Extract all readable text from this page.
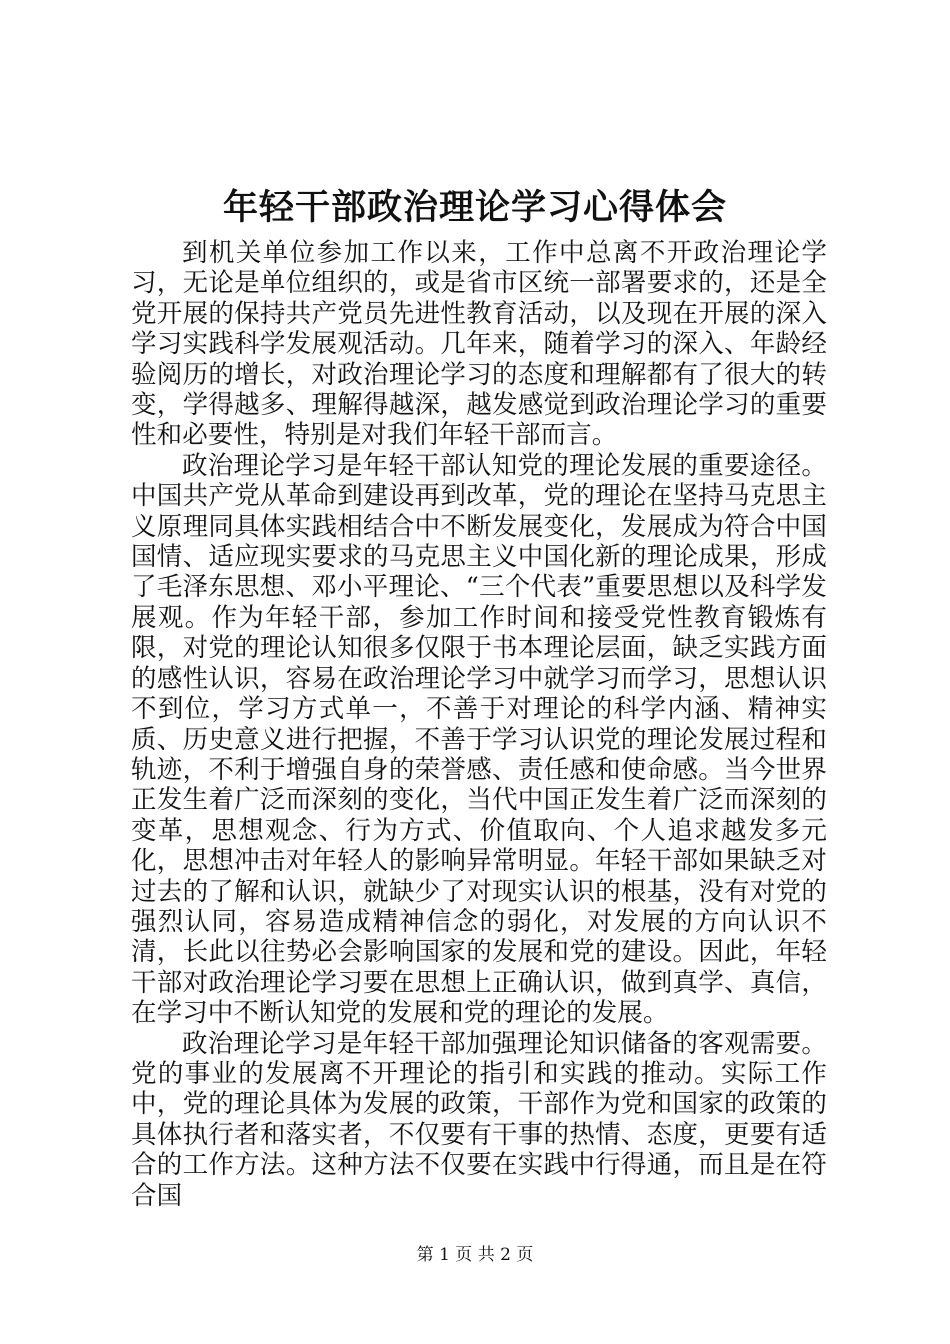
年轻干部政治理论学习心得体会

到机关单位参加工作以来，工作中总离不开政治理论学习，无论是单位组织的，或是省市区统一部署要求的，还是全党开展的保持共产党员先进性教育活动，以及现在开展的深入学习实践科学发展观活动。几年来，随着学习的深入、年龄经验阅历的增长，对政治理论学习的态度和理解都有了很大的转变，学得越多、理解得越深，越发感觉到政治理论学习的重要性和必要性，特别是对我们年轻干部而言。

政治理论学习是年轻干部认知党的理论发展的重要途径。中国共产党从革命到建设再到改革，党的理论在坚持马克思主义原理同具体实践相结合中不断发展变化，发展成为符合中国国情、适应现实要求的马克思主义中国化新的理论成果，形成了毛泽东思想、邓小平理论、“三个代表”重要思想以及科学发展观。作为年轻干部，参加工作时间和接受党性教育锻炼有限，对党的理论认知很多仅限于书本理论层面，缺乏实践方面的感性认识，容易在政治理论学习中就学习而学习，思想认识不到位，学习方式单一，不善于对理论的科学内涵、精神实质、历史意义进行把握，不善于学习认识党的理论发展过程和轨迹，不利于增强自身的荣誉感、责任感和使命感。当今世界正发生着广泛而深刻的变化，当代中国正发生着广泛而深刻的变革，思想观念、行为方式、价值取向、个人追求越发多元化，思想冲击对年轻人的影响异常明显。年轻干部如果缺乏对过去的了解和认识，就缺少了对现实认识的根基，没有对党的强烈认同，容易造成精神信念的弱化，对发展的方向认识不清，长此以往势必会影响国家的发展和党的建设。因此，年轻干部对政治理论学习要在思想上正确认识，做到真学、真信，在学习中不断认知党的发展和党的理论的发展。

政治理论学习是年轻干部加强理论知识储备的客观需要。党的事业的发展离不开理论的指引和实践的推动。实际工作中，党的理论具体为发展的政策，干部作为党和国家的政策的具体执行者和落实者，不仅要有干事的热情、态度，更要有适合的工作方法。这种方法不仅要在实践中行得通，而且是在符合国

第 1 页 共 2 页
